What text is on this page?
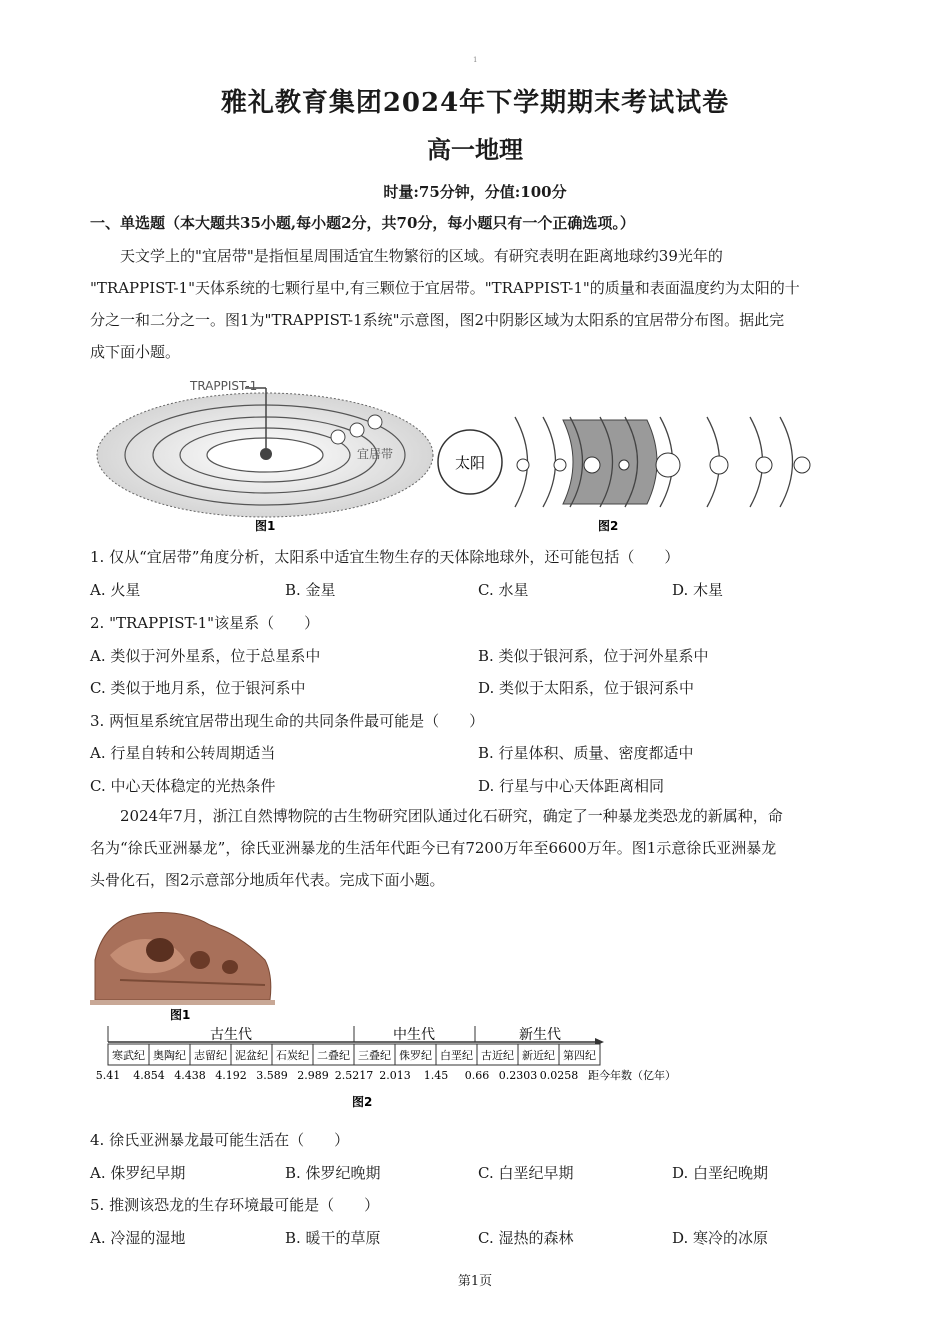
1
雅礼教育集团2024年下学期期末考试试卷
高一地理
时量:75分钟，分值:100分
一、单选题（本大题共35小题,每小题2分，共70分，每小题只有一个正确选项。）
天文学上的"宜居带"是指恒星周围适宜生物繁衍的区域。有研究表明在距离地球约39光年的
"TRAPPIST-1"天体系统的七颗行星中,有三颗位于宜居带。"TRAPPIST-1"的质量和表面温度约为太阳的十
分之一和二分之一。图1为"TRAPPIST-1系统"示意图，图2中阴影区域为太阳系的宜居带分布图。据此完
成下面小题。
TRAPPIST-1
宜居带
图1
太阳
图2
1. 仅从“宜居带”角度分析，太阳系中适宜生物生存的天体除地球外，还可能包括（　　）
A. 火星	B. 金星	C. 水星	D. 木星
2. "TRAPPIST-1"该星系（　　）
A. 类似于河外星系，位于总星系中	B. 类似于银河系，位于河外星系中
C. 类似于地月系，位于银河系中	D. 类似于太阳系，位于银河系中
3. 两恒星系统宜居带出现生命的共同条件最可能是（　　）
A. 行星自转和公转周期适当	B. 行星体积、质量、密度都适中
C. 中心天体稳定的光热条件	D. 行星与中心天体距离相同
2024年7月，浙江自然博物院的古生物研究团队通过化石研究，确定了一种暴龙类恐龙的新属种，命
名为“徐氏亚洲暴龙”，徐氏亚洲暴龙的生活年代距今已有7200万年至6600万年。图1示意徐氏亚洲暴龙
头骨化石，图2示意部分地质年代表。完成下面小题。
图1
古生代	中生代	新生代
寒武纪 奥陶纪 志留纪 泥盆纪 石炭纪 二叠纪 三叠纪 侏罗纪 白垩纪 古近纪 新近纪 第四纪
5.41 4.854 4.438 4.192 3.589 2.989 2.5217 2.013 1.45 0.66 0.2303 0.0258 距今年数（亿年）
图2
4. 徐氏亚洲暴龙最可能生活在（　　）
A. 侏罗纪早期	B. 侏罗纪晚期	C. 白垩纪早期	D. 白垩纪晚期
5. 推测该恐龙的生存环境最可能是（　　）
A. 冷湿的湿地	B. 暖干的草原	C. 湿热的森林	D. 寒冷的冰原
第1页
